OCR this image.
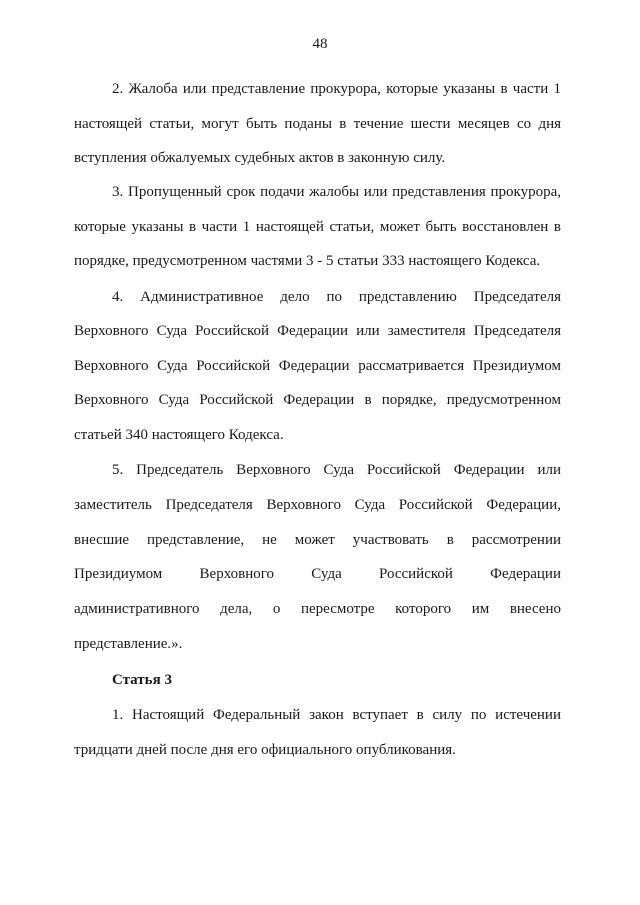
48
2. Жалоба или представление прокурора, которые указаны в части 1
настоящей статьи, могут быть поданы в течение шести месяцев со дня
вступления обжалуемых судебных актов в законную силу.
3. Пропущенный срок подачи жалобы или представления прокурора,
которые указаны в части 1 настоящей статьи, может быть восстановлен в
порядке, предусмотренном частями 3 - 5 статьи 333 настоящего Кодекса.
4. Административное дело по представлению Председателя
Верховного Суда Российской Федерации или заместителя Председателя
Верховного Суда Российской Федерации рассматривается Президиумом
Верховного Суда Российской Федерации в порядке, предусмотренном
статьей 340 настоящего Кодекса.
5. Председатель Верховного Суда Российской Федерации или
заместитель Председателя Верховного Суда Российской Федерации,
внесшие представление, не может участвовать в рассмотрении
Президиумом Верховного Суда Российской Федерации
административного дела, о пересмотре которого им внесено
представление.».
Статья 3
1. Настоящий Федеральный закон вступает в силу по истечении
тридцати дней после дня его официального опубликования.
